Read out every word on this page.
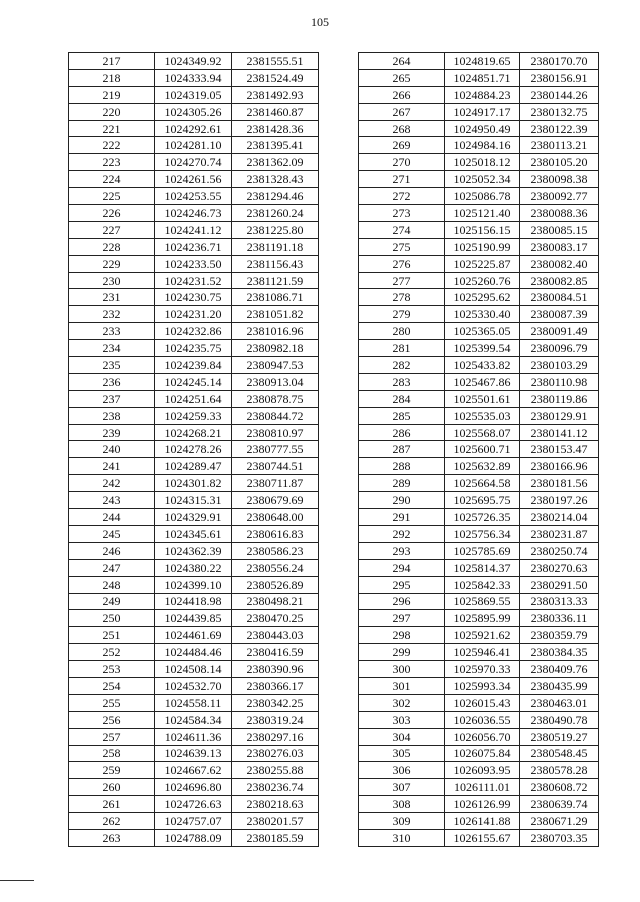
105
217	1024349.92	2381555.51
218	1024333.94	2381524.49
219	1024319.05	2381492.93
220	1024305.26	2381460.87
221	1024292.61	2381428.36
222	1024281.10	2381395.41
223	1024270.74	2381362.09
224	1024261.56	2381328.43
225	1024253.55	2381294.46
226	1024246.73	2381260.24
227	1024241.12	2381225.80
228	1024236.71	2381191.18
229	1024233.50	2381156.43
230	1024231.52	2381121.59
231	1024230.75	2381086.71
232	1024231.20	2381051.82
233	1024232.86	2381016.96
234	1024235.75	2380982.18
235	1024239.84	2380947.53
236	1024245.14	2380913.04
237	1024251.64	2380878.75
238	1024259.33	2380844.72
239	1024268.21	2380810.97
240	1024278.26	2380777.55
241	1024289.47	2380744.51
242	1024301.82	2380711.87
243	1024315.31	2380679.69
244	1024329.91	2380648.00
245	1024345.61	2380616.83
246	1024362.39	2380586.23
247	1024380.22	2380556.24
248	1024399.10	2380526.89
249	1024418.98	2380498.21
250	1024439.85	2380470.25
251	1024461.69	2380443.03
252	1024484.46	2380416.59
253	1024508.14	2380390.96
254	1024532.70	2380366.17
255	1024558.11	2380342.25
256	1024584.34	2380319.24
257	1024611.36	2380297.16
258	1024639.13	2380276.03
259	1024667.62	2380255.88
260	1024696.80	2380236.74
261	1024726.63	2380218.63
262	1024757.07	2380201.57
263	1024788.09	2380185.59
264	1024819.65	2380170.70
265	1024851.71	2380156.91
266	1024884.23	2380144.26
267	1024917.17	2380132.75
268	1024950.49	2380122.39
269	1024984.16	2380113.21
270	1025018.12	2380105.20
271	1025052.34	2380098.38
272	1025086.78	2380092.77
273	1025121.40	2380088.36
274	1025156.15	2380085.15
275	1025190.99	2380083.17
276	1025225.87	2380082.40
277	1025260.76	2380082.85
278	1025295.62	2380084.51
279	1025330.40	2380087.39
280	1025365.05	2380091.49
281	1025399.54	2380096.79
282	1025433.82	2380103.29
283	1025467.86	2380110.98
284	1025501.61	2380119.86
285	1025535.03	2380129.91
286	1025568.07	2380141.12
287	1025600.71	2380153.47
288	1025632.89	2380166.96
289	1025664.58	2380181.56
290	1025695.75	2380197.26
291	1025726.35	2380214.04
292	1025756.34	2380231.87
293	1025785.69	2380250.74
294	1025814.37	2380270.63
295	1025842.33	2380291.50
296	1025869.55	2380313.33
297	1025895.99	2380336.11
298	1025921.62	2380359.79
299	1025946.41	2380384.35
300	1025970.33	2380409.76
301	1025993.34	2380435.99
302	1026015.43	2380463.01
303	1026036.55	2380490.78
304	1026056.70	2380519.27
305	1026075.84	2380548.45
306	1026093.95	2380578.28
307	1026111.01	2380608.72
308	1026126.99	2380639.74
309	1026141.88	2380671.29
310	1026155.67	2380703.35
